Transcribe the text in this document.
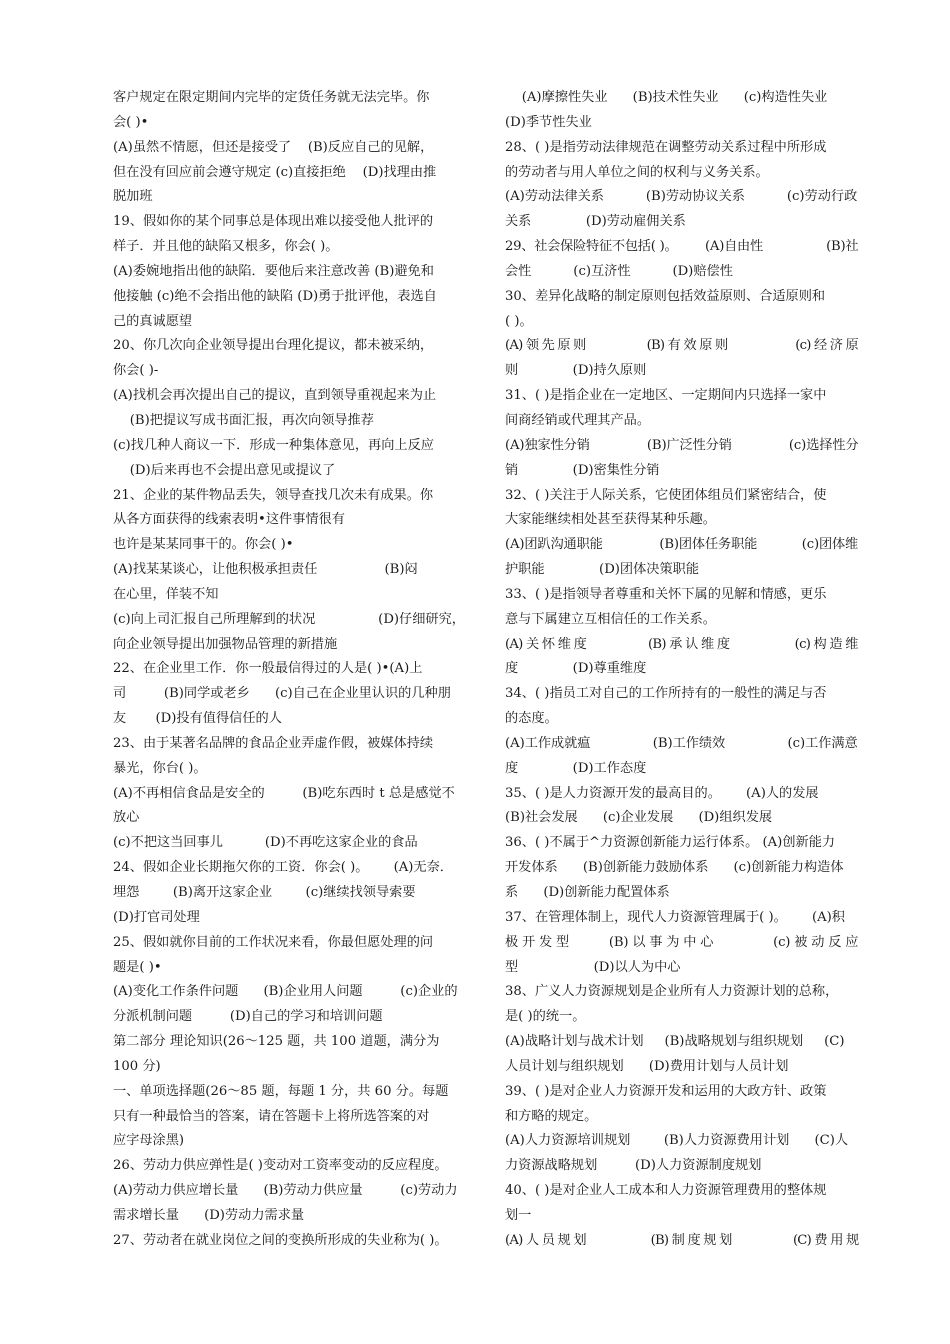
客户规定在限定期间内完毕的定货任务就无法完毕。你
会( )•
(A)虽然不情愿，但还是接受了    (B)反应自己的见解，
但在没有回应前会遵守规定 (c)直接拒绝    (D)找理由推
脱加班
19、假如你的某个同事总是体现出难以接受他人批评的
样子．并且他的缺陷又根多，你会( )。
(A)委婉地指出他的缺陷．要他后来注意改善 (B)避免和
他接触 (c)绝不会指出他的缺陷 (D)勇于批评他，表选自
己的真诚愿望
20、你几次向企业领导提出台理化提议，都未被采纳，
你会( )-
(A)找机会再次提出自己的提议，直到领导重视起来为止
(B)把提议写成书面汇报，再次向领导推荐
(c)找几种人商议一下．形成一种集体意见，再向上反应
(D)后来再也不会提出意见或提议了
21、企业的某件物品丢失，领导查找几次未有成果。你
从各方面获得的线索表明•这件事情很有
也许是某某同事干的。你会( )•
(A)找某某谈心，让他积极承担责任                (B)闷
在心里，佯装不知
(c)向上司汇报自己所理解到的状况               (D)仔细研究，
向企业领导提出加强物品管理的新措施
22、在企业里工作．你一般最信得过的人是( )•(A)上
司         (B)同学或老乡      (c)自己在企业里认识的几种朋
友       (D)投有值得信任的人
23、由于某著名品牌的食品企业弄虚作假，被媒体持续
暴光，你台( )。
(A)不再相信食品是安全的         (B)吃东西时 t 总是感觉不
放心
(c)不把这当回事儿          (D)不再吃这家企业的食品
24、假如企业长期拖欠你的工资．你会( )。      (A)无奈．
埋怨        (B)离开这家企业        (c)继续找领导索要
(D)打官司处理
25、假如就你目前的工作状况来看，你最但愿处理的问
题是( )•
(A)变化工作条件问题      (B)企业用人问题         (c)企业的
分派机制问题         (D)自己的学习和培训问题
第二部分 理论知识(26～125 题，共 100 道题，满分为
100 分)
一、单项选择题(26～85 题，每题 1 分，共 60 分。每题
只有一种最恰当的答案，请在答题卡上将所选答案的对
应字母涂黑)
26、劳动力供应弹性是( )变动对工资率变动的反应程度。
(A)劳动力供应增长量      (B)劳动力供应量         (c)劳动力
需求增长量      (D)劳动力需求量
27、劳动者在就业岗位之间的变换所形成的失业称为( )。
(A)摩擦性失业      (B)技术性失业      (c)构造性失业
(D)季节性失业
28、( )是指劳动法律规范在调整劳动关系过程中所形成
的劳动者与用人单位之间的权利与义务关系。
(A)劳动法律关系          (B)劳动协议关系          (c)劳动行政
关系             (D)劳动雇佣关系
29、社会保险特征不包括( )。       (A)自由性                (B)社
会性          (c)互济性          (D)赔偿性
30、差异化战略的制定原则包括效益原则、合适原则和
( )。
(A) 领 先 原 则                  (B) 有 效 原 则                    (c) 经 济 原
则             (D)持久原则
31、( )是指企业在一定地区、一定期间内只选择一家中
间商经销或代理其产品。
(A)独家性分销              (B)广泛性分销              (c)选择性分
销             (D)密集性分销
32、( )关注于人际关系，它使团体组员们紧密结合，使
大家能继续相处甚至获得某种乐趣。
(A)团趴沟通职能              (B)团体任务职能           (c)团体维
护职能             (D)团体决策职能
33、( )是指领导者尊重和关怀下属的见解和情感，更乐
意与下属建立互相信任的工作关系。
(A) 关 怀 维 度                  (B) 承 认 维 度                   (c) 构 造 维
度             (D)尊重维度
34、( )指员工对自己的工作所持有的一般性的满足与否
的态度。
(A)工作成就瘟               (B)工作绩效               (c)工作满意
度             (D)工作态度
35、( )是人力资源开发的最高目的。      (A)人的发展
(B)社会发展      (c)企业发展      (D)组织发展
36、( )不属于^力资源创新能力运行体系。 (A)创新能力
开发体系      (B)创新能力鼓励体系      (c)创新能力构造体
系      (D)创新能力配置体系
37、在管理体制上，现代人力资源管理属于( )。      (A)积
极 开 发 型          (B) 以 事 为 中 心               (c) 被 动 反 应
型                  (D)以人为中心
38、广义人力资源规划是企业所有人力资源计划的总称，
是( )的统一。
(A)战略计划与战术计划     (B)战略规划与组织规划     (C)
人员计划与组织规划      (D)费用计划与人员计划
39、( )是对企业人力资源开发和运用的大政方针、政策
和方略的规定。
(A)人力资源培训规划        (B)人力资源费用计划      (C)人
力资源战略规划         (D)人力资源制度规划
40、( )是对企业人工成本和人力资源管理费用的整体规
划一
(A) 人 员 规 划                   (B) 制 度 规 划                  (C) 费 用 规
